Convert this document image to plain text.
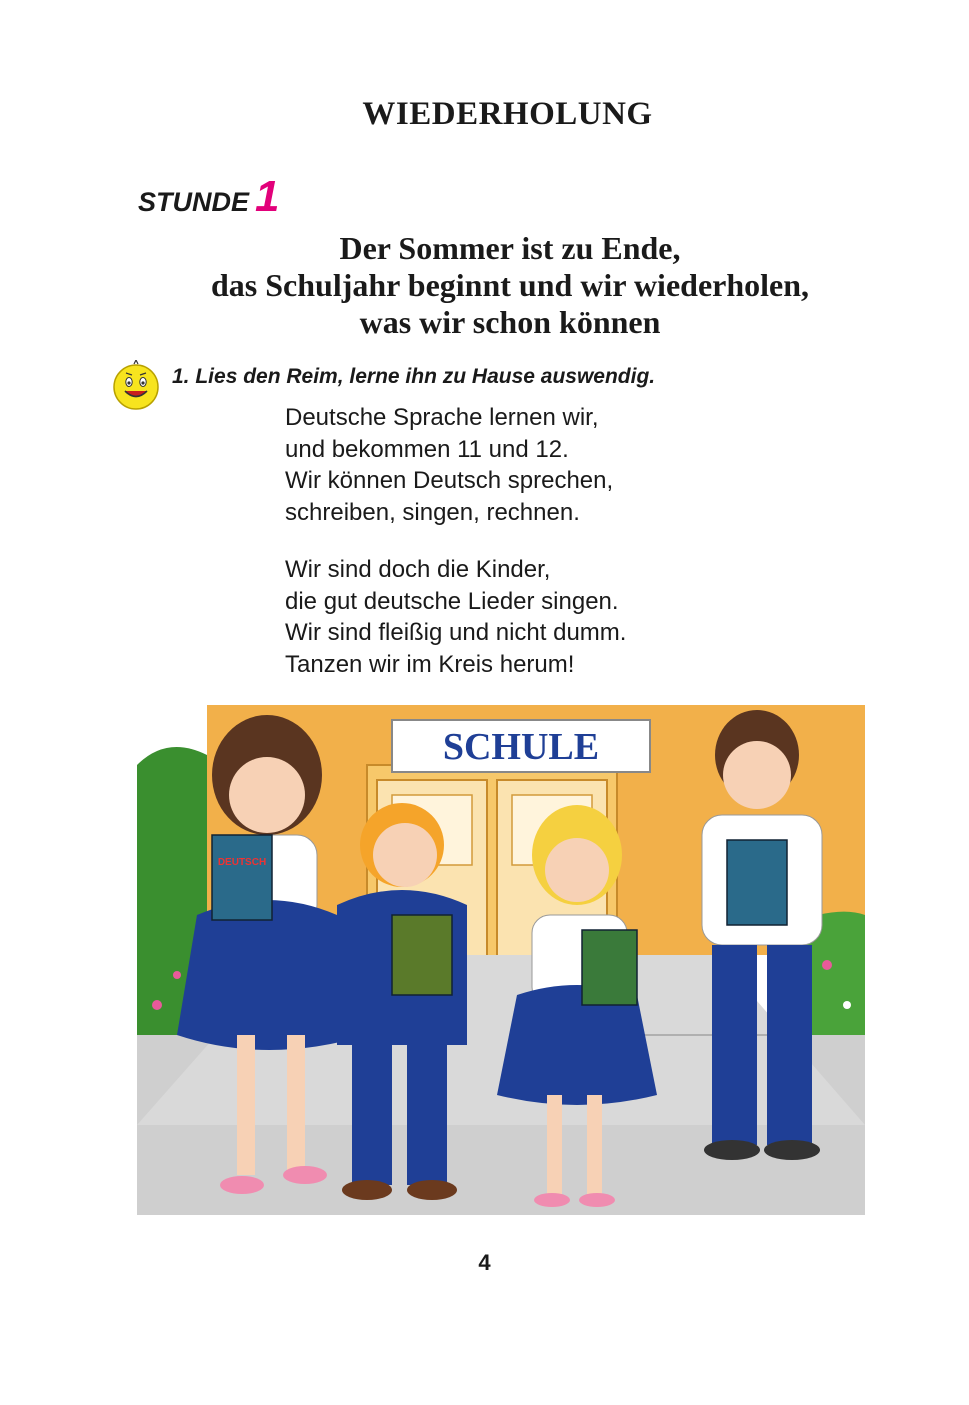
WIEDERHOLUNG
STUNDE 1
Der Sommer ist zu Ende,
das Schuljahr beginnt und wir wiederholen,
was wir schon können
1. Lies den Reim, lerne ihn zu Hause auswendig.
Deutsche Sprache lernen wir,
und bekommen 11 und 12.
Wir können Deutsch sprechen,
schreiben, singen, rechnen.
Wir sind doch die Kinder,
die gut deutsche Lieder singen.
Wir sind fleißig und nicht dumm.
Tanzen wir im Kreis herum!
SCHULE
DEUTSCH
4
